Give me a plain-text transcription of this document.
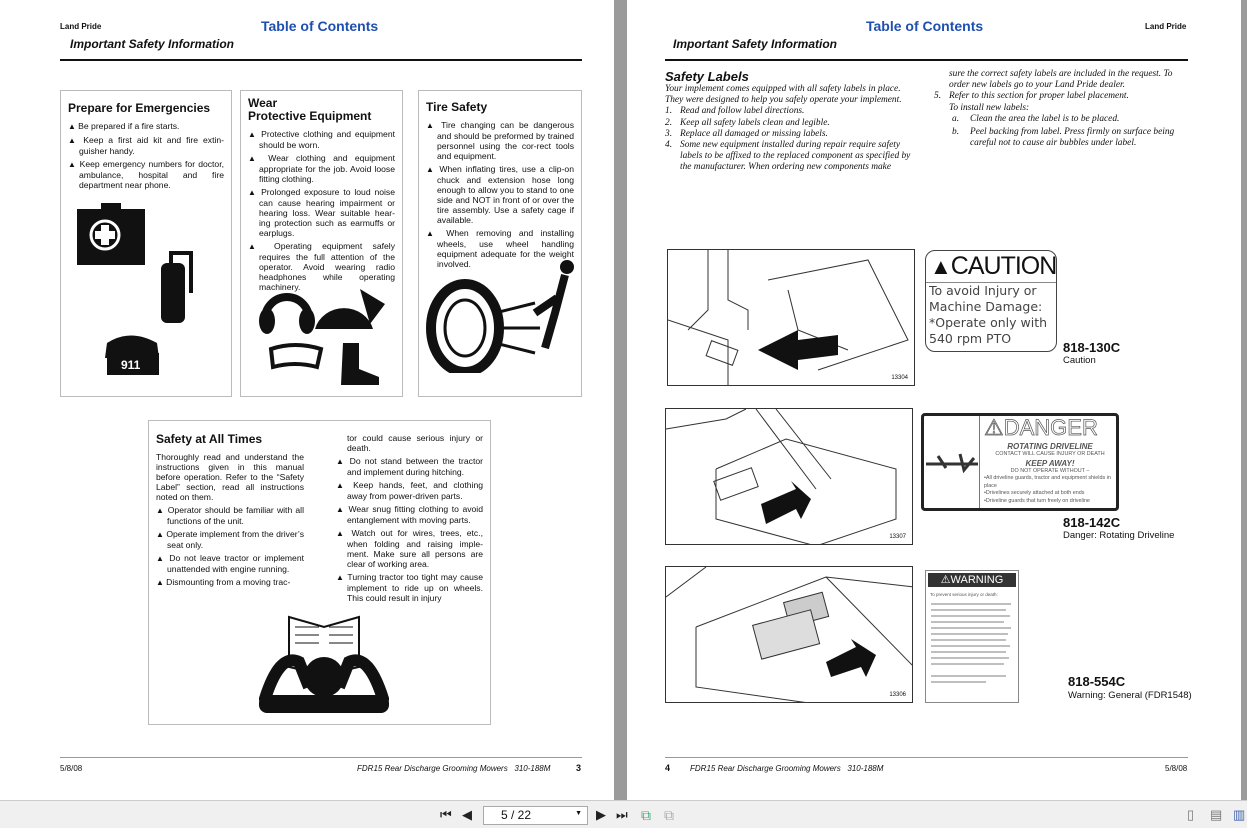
Land Pride	Table of Contents
Important Safety Information
Prepare for Emergencies
▲ Be prepared if a fire starts.
▲ Keep a first aid kit and fire extin-guisher handy.
▲ Keep emergency numbers for doctor, ambulance, hospital and fire department near phone.
911
Wear
Protective Equipment
▲ Protective clothing and equipment should be worn.
▲ Wear clothing and equipment appropriate for the job. Avoid loose fitting clothing.
▲ Prolonged exposure to loud noise can cause hearing impairment or hearing loss. Wear suitable hear-ing protection such as earmuffs or earplugs.
▲ Operating equipment safely requires the full attention of the operator. Avoid wearing radio headphones while operating machinery.
Tire Safety
▲ Tire changing can be dangerous and should be preformed by trained personnel using the cor-rect tools and equipment.
▲ When inflating tires, use a clip-on chuck and extension hose long enough to allow you to stand to one side and NOT in front of or over the tire assembly. Use a safety cage if available.
▲ When removing and installing wheels, use wheel handling equipment adequate for the weight involved.
Safety at All Times

Thoroughly read and understand the instructions given in this manual before operation. Refer to the “Safety Label” section, read all instructions noted on them.

▲ Operator should be familiar with all functions of the unit.
▲ Operate implement from the driver’s seat only.
▲ Do not leave tractor or implement unattended with engine running.
▲ Dismounting from a moving trac-

tor could cause serious injury or death.

▲ Do not stand between the tractor and implement during hitching.
▲ Keep hands, feet, and clothing away from power-driven parts.
▲ Wear snug fitting clothing to avoid entanglement with moving parts.
▲ Watch out for wires, trees, etc., when folding and raising imple-ment. Make sure all persons are clear of working area.
▲ Turning tractor too tight may cause implement to ride up on wheels. This could result in injury
5/8/08	FDR15 Rear Discharge Grooming Mowers   310-188M	3
Table of Contents	Land Pride
Important Safety Information
Safety Labels
Your implement comes equipped with all safety labels in place. They were designed to help you safely operate your implement.
1. Read and follow label directions.
2. Keep all safety labels clean and legible.
3. Replace all damaged or missing labels.
4. Some new equipment installed during repair require safety labels to be affixed to the replaced component as specified by the manufacturer. When ordering new components make
sure the correct safety labels are included in the request. To order new labels go to your Land Pride dealer.
5. Refer to this section for proper label placement.
To install new labels:
a.	Clean the area the label is to be placed.
b.	Peel backing from label. Press firmly on surface being careful not to cause air bubbles under label.
13304
▲CAUTION
To avoid Injury or
Machine Damage:
*Operate only with
540 rpm PTO
818-130C
Caution
13307
⚠DANGER
ROTATING DRIVELINE
CONTACT WILL CAUSE INJURY OR DEATH
KEEP AWAY!
DO NOT OPERATE WITHOUT –
•All driveline guards, tractor and equipment shields in place
•Drivelines securely attached at both ends
•Driveline guards that turn freely on driveline
818-142C
Danger: Rotating Driveline
13306
⚠WARNING
To prevent serious injury or death:
818-554C
Warning: General (FDR1548)
4 FDR15 Rear Discharge Grooming Mowers   310-188M	5/8/08
⏮ ◀	5 / 22	▼ ▶ ⏭ ⧉ ⧉	▯ ▤ ▥
